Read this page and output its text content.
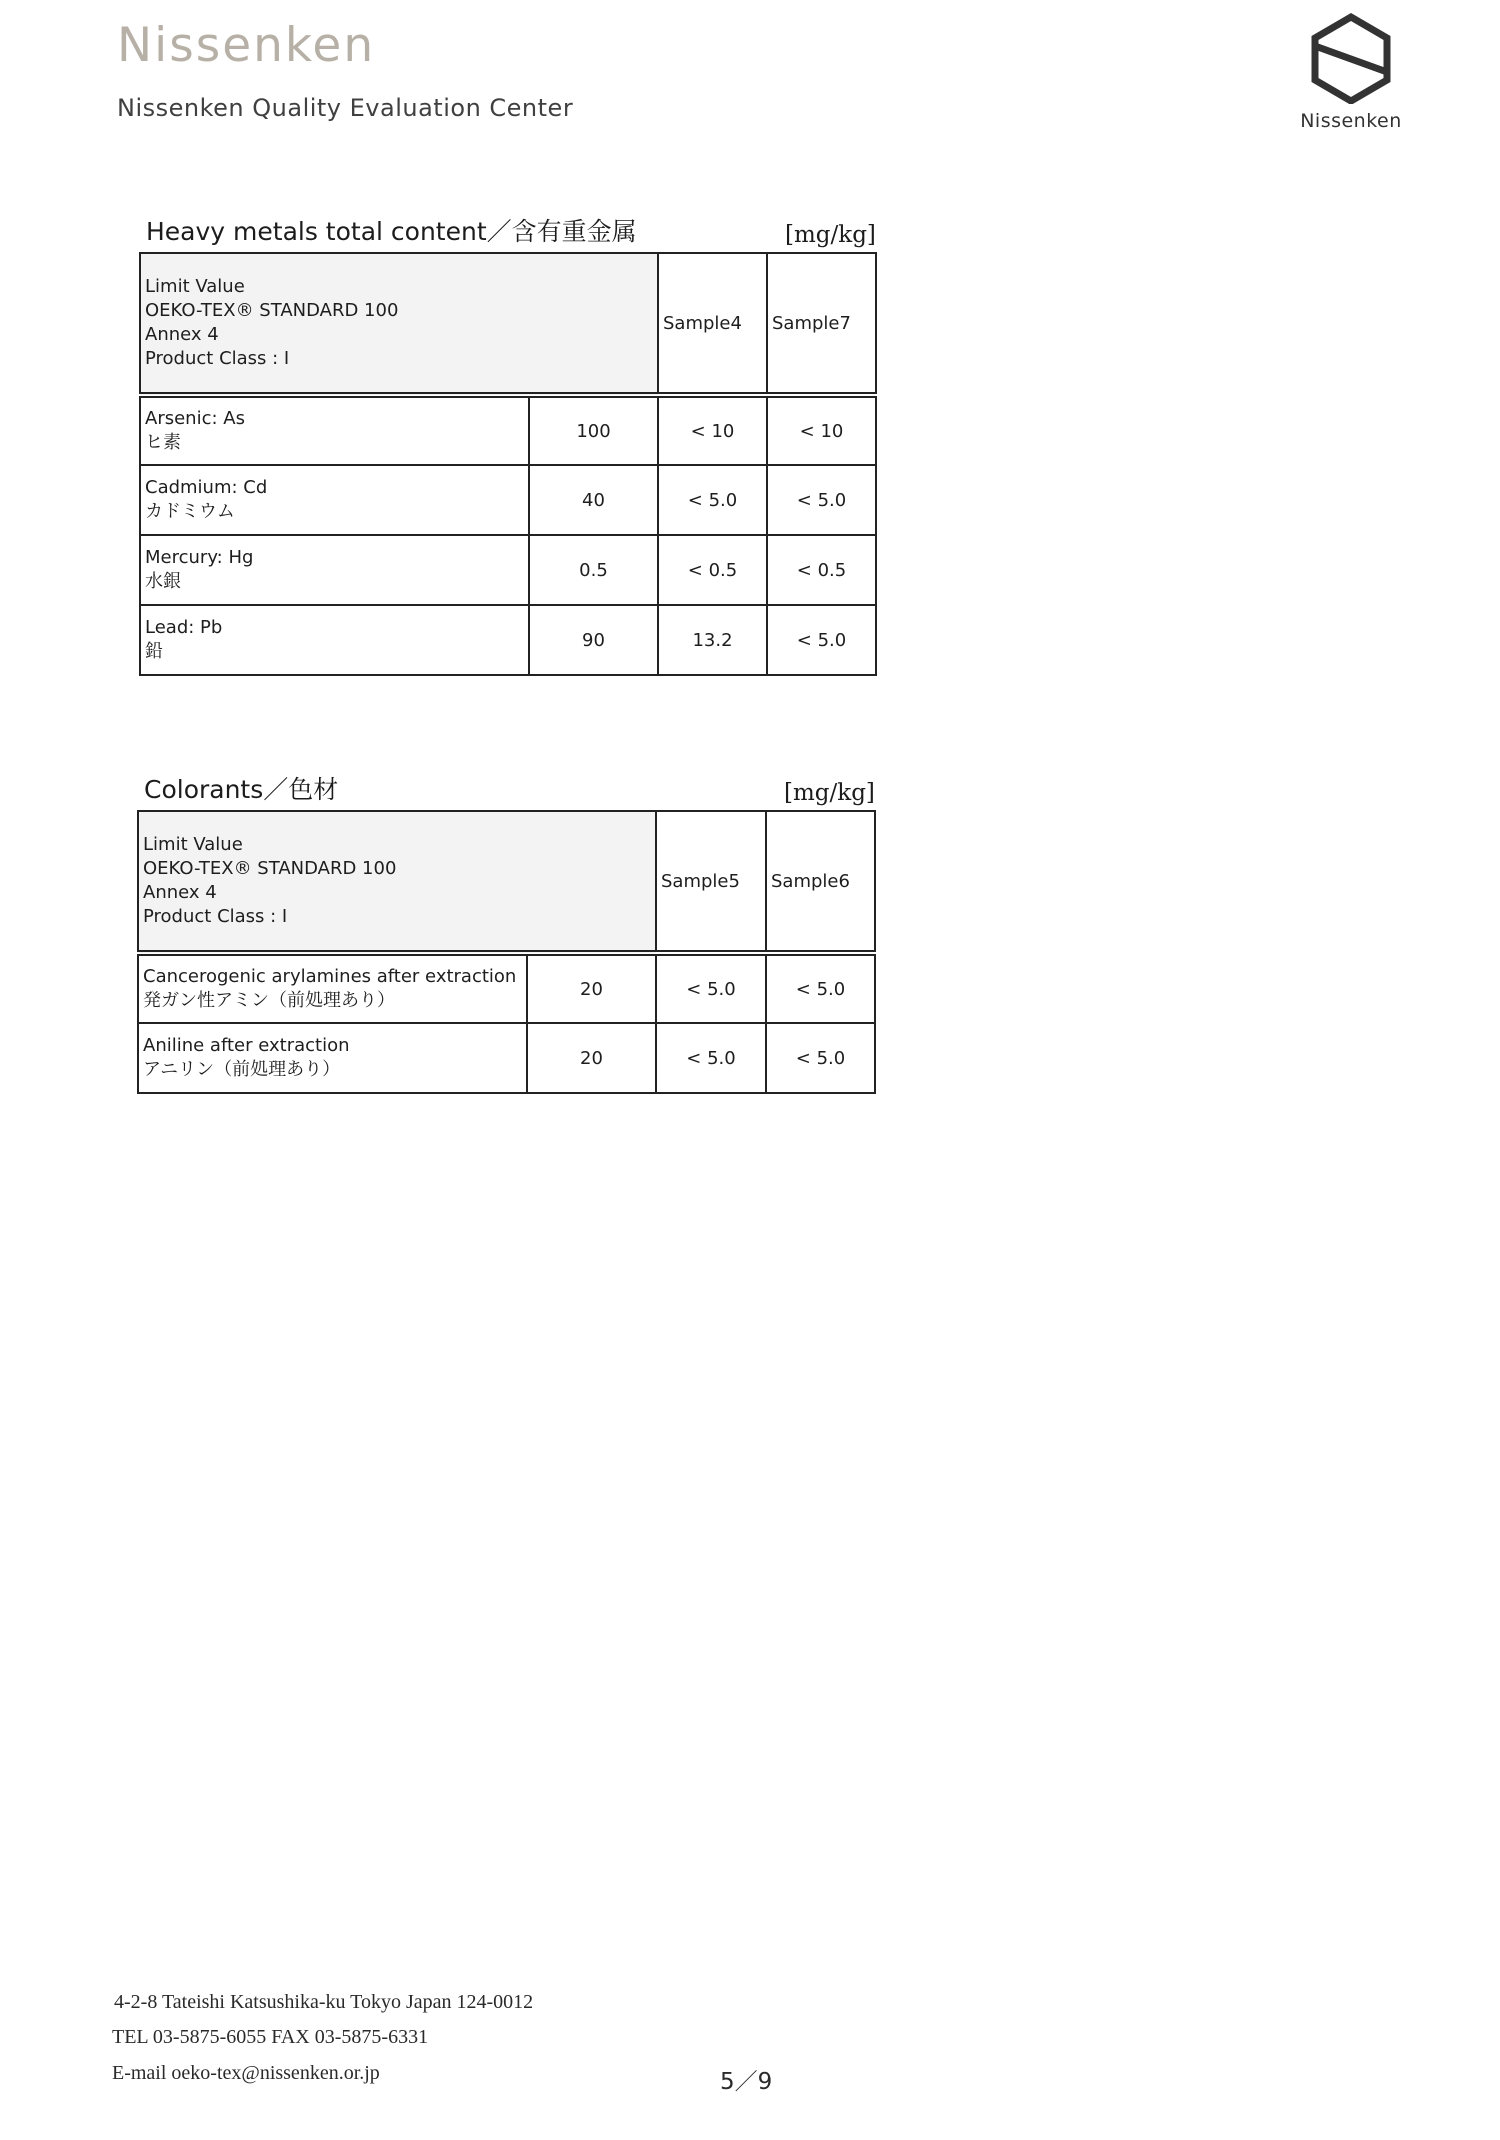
Nissenken
Nissenken Quality Evaluation Center	Nissenken
Heavy metals total content／含有重金属	[mg/kg]
Limit Value
OEKO-TEX® STANDARD 100
Annex 4
Product Class : I		Sample4	Sample7

Arsenic: As
ヒ素	100	< 10	< 10

Cadmium: Cd
カドミウム	40	< 5.0	< 5.0

Mercury: Hg
水銀	0.5	< 0.5	< 0.5

Lead: Pb
鉛	90	13.2	< 5.0
Colorants／色材	[mg/kg]
Limit Value
OEKO-TEX® STANDARD 100
Annex 4
Product Class : I		Sample5	Sample6

Cancerogenic arylamines after extraction
発ガン性アミン（前処理あり）	20	< 5.0	< 5.0

Aniline after extraction
アニリン（前処理あり）	20	< 5.0	< 5.0
4-2-8 Tateishi Katsushika-ku Tokyo Japan 124-0012
TEL 03-5875-6055 FAX 03-5875-6331
E-mail oeko-tex@nissenken.or.jp	5／9
